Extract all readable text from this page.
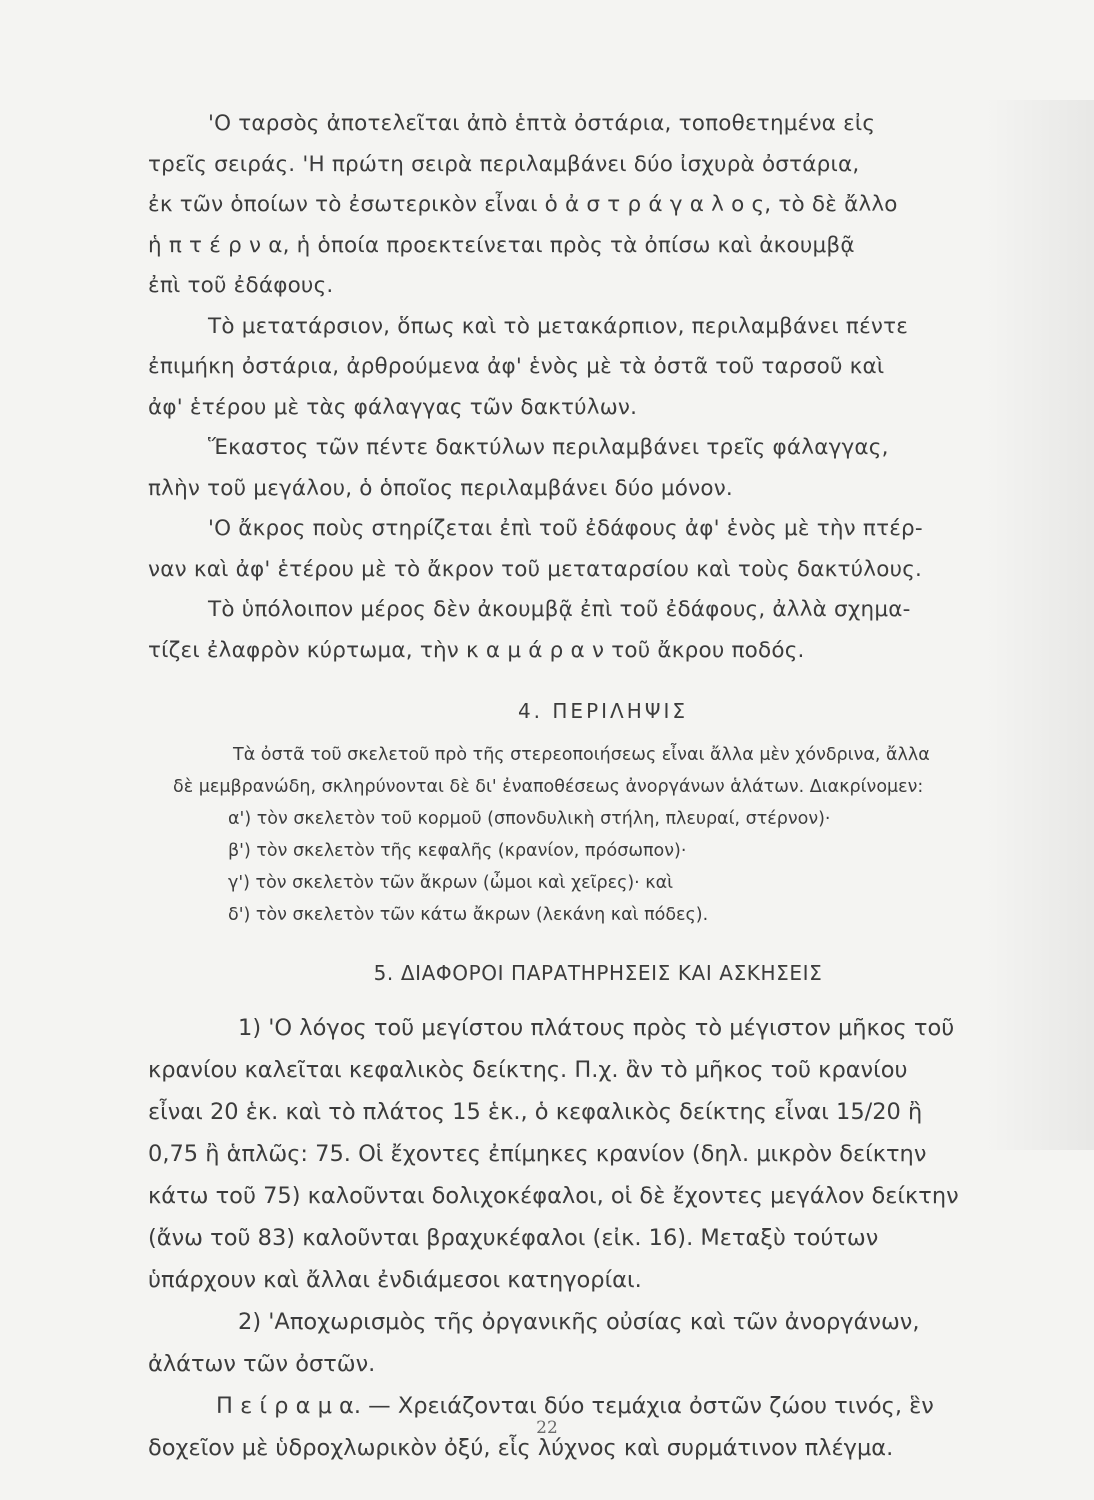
'Ο ταρσὸς ἀποτελεῖται ἀπὸ ἑπτὰ ὀστάρια, τοποθετημένα εἰς
τρεῖς σειράς. 'Η πρώτη σειρὰ περιλαμβάνει δύο ἰσχυρὰ ὀστάρια,
ἐκ τῶν ὁποίων τὸ ἐσωτερικὸν εἶναι ὁ ἀ σ τ ρ ά γ α λ ο ς, τὸ δὲ ἄλλο
ἡ π τ έ ρ ν α, ἡ ὁποία προεκτείνεται πρὸς τὰ ὀπίσω καὶ ἀκουμβᾷ
ἐπὶ τοῦ ἐδάφους.
Τὸ μετατάρσιον, ὅπως καὶ τὸ μετακάρπιον, περιλαμβάνει πέντε
ἐπιμήκη ὀστάρια, ἀρθρούμενα ἀφ' ἑνὸς μὲ τὰ ὀστᾶ τοῦ ταρσοῦ καὶ
ἀφ' ἑτέρου μὲ τὰς φάλαγγας τῶν δακτύλων.
Ἕκαστος τῶν πέντε δακτύλων περιλαμβάνει τρεῖς φάλαγγας,
πλὴν τοῦ μεγάλου, ὁ ὁποῖος περιλαμβάνει δύο μόνον.
'Ο ἄκρος ποὺς στηρίζεται ἐπὶ τοῦ ἐδάφους ἀφ' ἑνὸς μὲ τὴν πτέρ-
ναν καὶ ἀφ' ἑτέρου μὲ τὸ ἄκρον τοῦ μεταταρσίου καὶ τοὺς δακτύλους.
Τὸ ὑπόλοιπον μέρος δὲν ἀκουμβᾷ ἐπὶ τοῦ ἐδάφους, ἀλλὰ σχημα-
τίζει ἐλαφρὸν κύρτωμα, τὴν κ α μ ά ρ α ν τοῦ ἄκρου ποδός.
4. ΠΕΡΙΛΗΨΙΣ
Τὰ ὀστᾶ τοῦ σκελετοῦ πρὸ τῆς στερεοποιήσεως εἶναι ἄλλα μὲν χόνδρινα, ἄλλα
δὲ μεμβρανώδη, σκληρύνονται δὲ δι' ἐναποθέσεως ἀνοργάνων ἁλάτων. Διακρίνομεν:
α') τὸν σκελετὸν τοῦ κορμοῦ (σπονδυλικὴ στήλη, πλευραί, στέρνον)·
β') τὸν σκελετὸν τῆς κεφαλῆς (κρανίον, πρόσωπον)·
γ') τὸν σκελετὸν τῶν ἄκρων (ὦμοι καὶ χεῖρες)· καὶ
δ') τὸν σκελετὸν τῶν κάτω ἄκρων (λεκάνη καὶ πόδες).
5. ΔΙΑΦΟΡΟΙ ΠΑΡΑΤΗΡΗΣΕΙΣ ΚΑΙ ΑΣΚΗΣΕΙΣ
1) 'Ο λόγος τοῦ μεγίστου πλάτους πρὸς τὸ μέγιστον μῆκος τοῦ
κρανίου καλεῖται κεφαλικὸς δείκτης. Π.χ. ἂν τὸ μῆκος τοῦ κρανίου
εἶναι 20 ἑκ. καὶ τὸ πλάτος 15 ἑκ., ὁ κεφαλικὸς δείκτης εἶναι 15/20 ἢ
0,75 ἢ ἁπλῶς: 75. Οἱ ἔχοντες ἐπίμηκες κρανίον (δηλ. μικρὸν δείκτην
κάτω τοῦ 75) καλοῦνται δολιχοκέφαλοι, οἱ δὲ ἔχοντες μεγάλον δείκτην
(ἄνω τοῦ 83) καλοῦνται βραχυκέφαλοι (εἰκ. 16). Μεταξὺ τούτων
ὑπάρχουν καὶ ἄλλαι ἐνδιάμεσοι κατηγορίαι.
2) 'Αποχωρισμὸς τῆς ὀργανικῆς οὐσίας καὶ τῶν ἀνοργάνων,
ἀλάτων τῶν ὀστῶν.
Π ε ί ρ α μ α. — Χρειάζονται δύο τεμάχια ὀστῶν ζώου τινός, ἓν
δοχεῖον μὲ ὑδροχλωρικὸν ὀξύ, εἷς λύχνος καὶ συρμάτινον πλέγμα.
22
